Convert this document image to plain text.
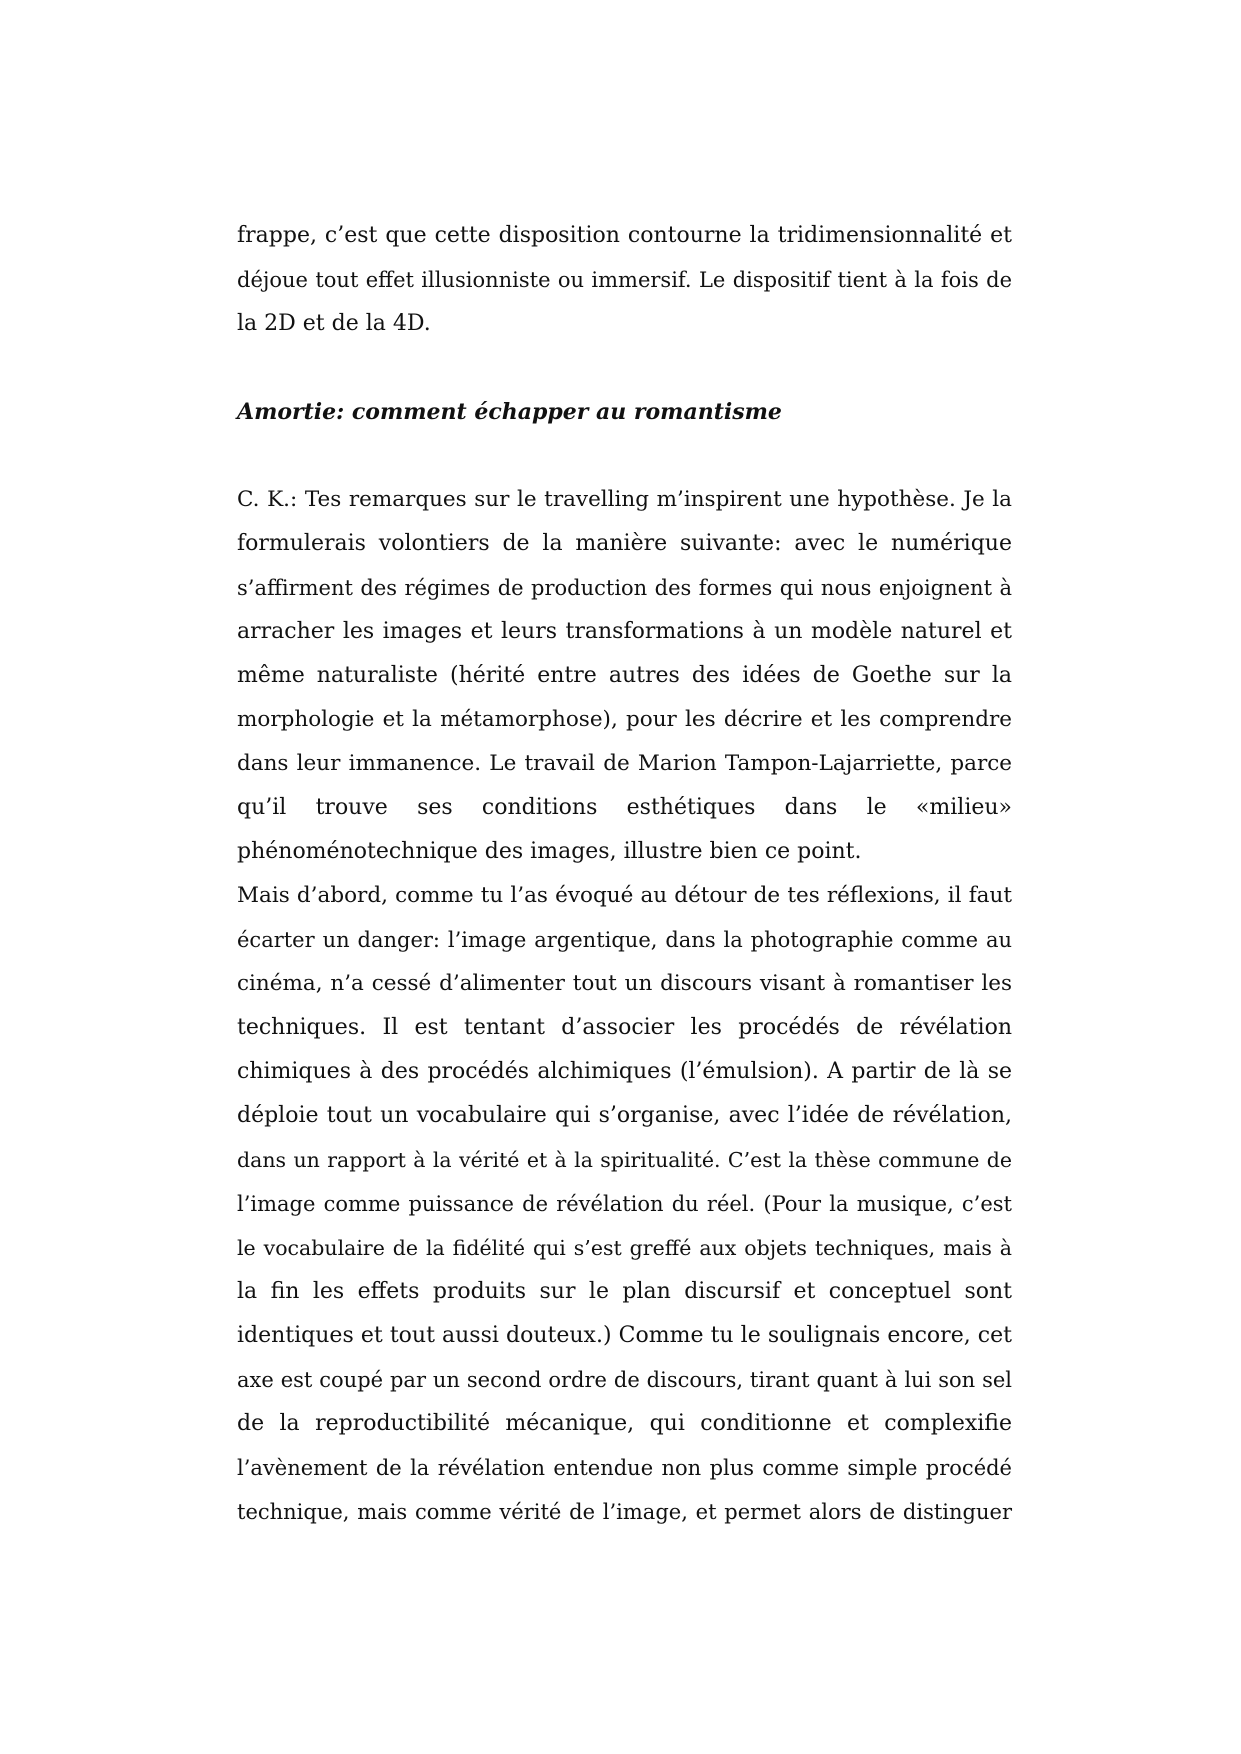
frappe, c’est que cette disposition contourne la tridimensionnalité et
déjoue tout effet illusionniste ou immersif. Le dispositif tient à la fois de
la 2D et de la 4D.
Amortie: comment échapper au romantisme
C. K.: Tes remarques sur le travelling m’inspirent une hypothèse. Je la
formulerais volontiers de la manière suivante: avec le numérique
s’affirment des régimes de production des formes qui nous enjoignent à
arracher les images et leurs transformations à un modèle naturel et
même naturaliste (hérité entre autres des idées de Goethe sur la
morphologie et la métamorphose), pour les décrire et les comprendre
dans leur immanence. Le travail de Marion Tampon-Lajarriette, parce
qu’il trouve ses conditions esthétiques dans le «milieu»
phénoménotechnique des images, illustre bien ce point.
Mais d’abord, comme tu l’as évoqué au détour de tes réflexions, il faut
écarter un danger: l’image argentique, dans la photographie comme au
cinéma, n’a cessé d’alimenter tout un discours visant à romantiser les
techniques. Il est tentant d’associer les procédés de révélation
chimiques à des procédés alchimiques (l’émulsion). A partir de là se
déploie tout un vocabulaire qui s’organise, avec l’idée de révélation,
dans un rapport à la vérité et à la spiritualité. C’est la thèse commune de
l’image comme puissance de révélation du réel. (Pour la musique, c’est
le vocabulaire de la fidélité qui s’est greffé aux objets techniques, mais à
la fin les effets produits sur le plan discursif et conceptuel sont
identiques et tout aussi douteux.) Comme tu le soulignais encore, cet
axe est coupé par un second ordre de discours, tirant quant à lui son sel
de la reproductibilité mécanique, qui conditionne et complexifie
l’avènement de la révélation entendue non plus comme simple procédé
technique, mais comme vérité de l’image, et permet alors de distinguer
